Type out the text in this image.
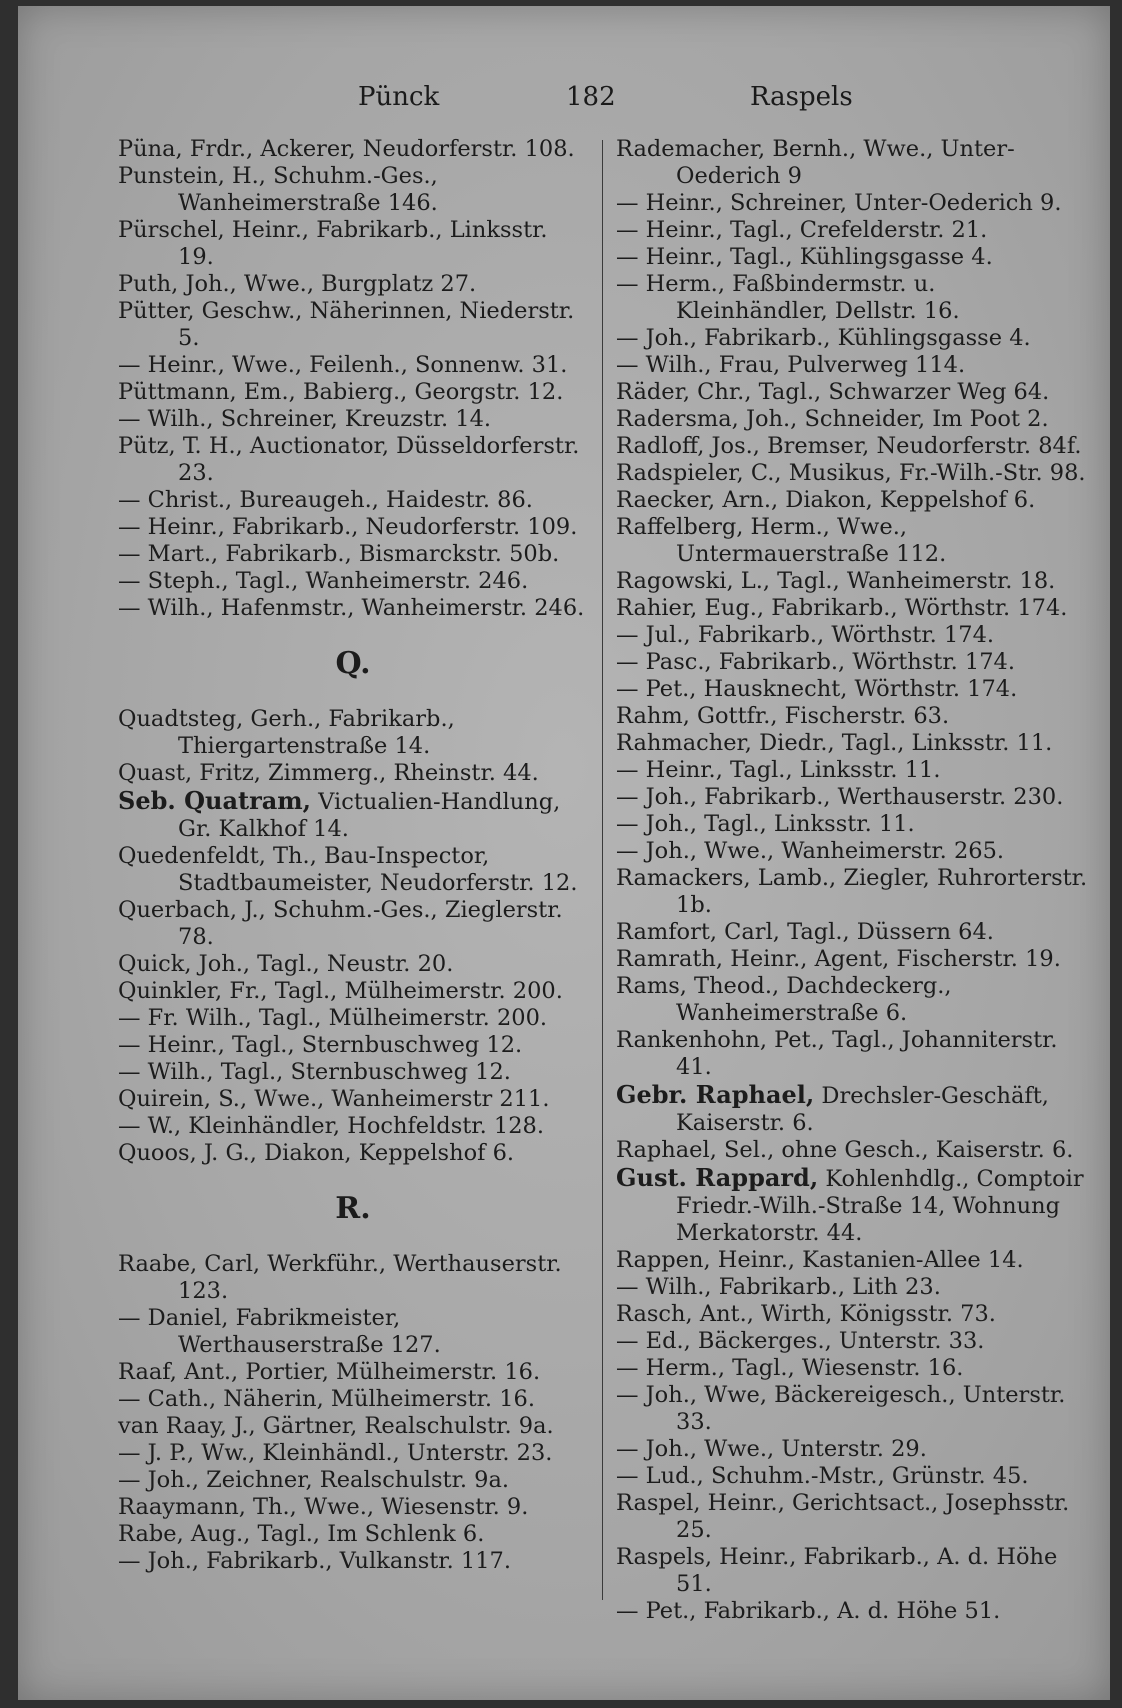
Pünck	182	Raspels

Püna, Frdr., Ackerer, Neudorferstr. 108.

Punstein, H., Schuhm.-Ges., Wanheimerstraße 146.

Pürschel, Heinr., Fabrikarb., Linksstr. 19.

Puth, Joh., Wwe., Burgplatz 27.

Pütter, Geschw., Näherinnen, Niederstr. 5.

— Heinr., Wwe., Feilenh., Sonnenw. 31.

Püttmann, Em., Babierg., Georgstr. 12.

— Wilh., Schreiner, Kreuzstr. 14.

Pütz, T. H., Auctionator, Düsseldorferstr. 23.

— Christ., Bureaugeh., Haidestr. 86.

— Heinr., Fabrikarb., Neudorferstr. 109.

— Mart., Fabrikarb., Bismarckstr. 50b.

— Steph., Tagl., Wanheimerstr. 246.

— Wilh., Hafenmstr., Wanheimerstr. 246.

Q.

Quadtsteg, Gerh., Fabrikarb., Thiergartenstraße 14.

Quast, Fritz, Zimmerg., Rheinstr. 44.

Seb. Quatram, Victualien-Handlung, Gr. Kalkhof 14.

Quedenfeldt, Th., Bau-Inspector, Stadtbaumeister, Neudorferstr. 12.

Querbach, J., Schuhm.-Ges., Zieglerstr. 78.

Quick, Joh., Tagl., Neustr. 20.

Quinkler, Fr., Tagl., Mülheimerstr. 200.

— Fr. Wilh., Tagl., Mülheimerstr. 200.

— Heinr., Tagl., Sternbuschweg 12.

— Wilh., Tagl., Sternbuschweg 12.

Quirein, S., Wwe., Wanheimerstr 211.

— W., Kleinhändler, Hochfeldstr. 128.

Quoos, J. G., Diakon, Keppelshof 6.

R.

Raabe, Carl, Werkführ., Werthauserstr. 123.

— Daniel, Fabrikmeister, Werthauserstraße 127.

Raaf, Ant., Portier, Mülheimerstr. 16.

— Cath., Näherin, Mülheimerstr. 16.

van Raay, J., Gärtner, Realschulstr. 9a.

— J. P., Ww., Kleinhändl., Unterstr. 23.

— Joh., Zeichner, Realschulstr. 9a.

Raaymann, Th., Wwe., Wiesenstr. 9.

Rabe, Aug., Tagl., Im Schlenk 6.

— Joh., Fabrikarb., Vulkanstr. 117.

Rademacher, Bernh., Wwe., Unter-Oederich 9

— Heinr., Schreiner, Unter-Oederich 9.

— Heinr., Tagl., Crefelderstr. 21.

— Heinr., Tagl., Kühlingsgasse 4.

— Herm., Faßbindermstr. u. Kleinhändler, Dellstr. 16.

— Joh., Fabrikarb., Kühlingsgasse 4.

— Wilh., Frau, Pulverweg 114.

Räder, Chr., Tagl., Schwarzer Weg 64.

Radersma, Joh., Schneider, Im Poot 2.

Radloff, Jos., Bremser, Neudorferstr. 84f.

Radspieler, C., Musikus, Fr.-Wilh.-Str. 98.

Raecker, Arn., Diakon, Keppelshof 6.

Raffelberg, Herm., Wwe., Untermauerstraße 112.

Ragowski, L., Tagl., Wanheimerstr. 18.

Rahier, Eug., Fabrikarb., Wörthstr. 174.

— Jul., Fabrikarb., Wörthstr. 174.

— Pasc., Fabrikarb., Wörthstr. 174.

— Pet., Hausknecht, Wörthstr. 174.

Rahm, Gottfr., Fischerstr. 63.

Rahmacher, Diedr., Tagl., Linksstr. 11.

— Heinr., Tagl., Linksstr. 11.

— Joh., Fabrikarb., Werthauserstr. 230.

— Joh., Tagl., Linksstr. 11.

— Joh., Wwe., Wanheimerstr. 265.

Ramackers, Lamb., Ziegler, Ruhrorterstr. 1b.

Ramfort, Carl, Tagl., Düssern 64.

Ramrath, Heinr., Agent, Fischerstr. 19.

Rams, Theod., Dachdeckerg., Wanheimerstraße 6.

Rankenhohn, Pet., Tagl., Johanniterstr. 41.

Gebr. Raphael, Drechsler-Geschäft, Kaiserstr. 6.

Raphael, Sel., ohne Gesch., Kaiserstr. 6.

Gust. Rappard, Kohlenhdlg., Comptoir Friedr.-Wilh.-Straße 14, Wohnung Merkatorstr. 44.

Rappen, Heinr., Kastanien-Allee 14.

— Wilh., Fabrikarb., Lith 23.

Rasch, Ant., Wirth, Königsstr. 73.

— Ed., Bäckerges., Unterstr. 33.

— Herm., Tagl., Wiesenstr. 16.

— Joh., Wwe, Bäckereigesch., Unterstr. 33.

— Joh., Wwe., Unterstr. 29.

— Lud., Schuhm.-Mstr., Grünstr. 45.

Raspel, Heinr., Gerichtsact., Josephsstr. 25.

Raspels, Heinr., Fabrikarb., A. d. Höhe 51.

— Pet., Fabrikarb., A. d. Höhe 51.
